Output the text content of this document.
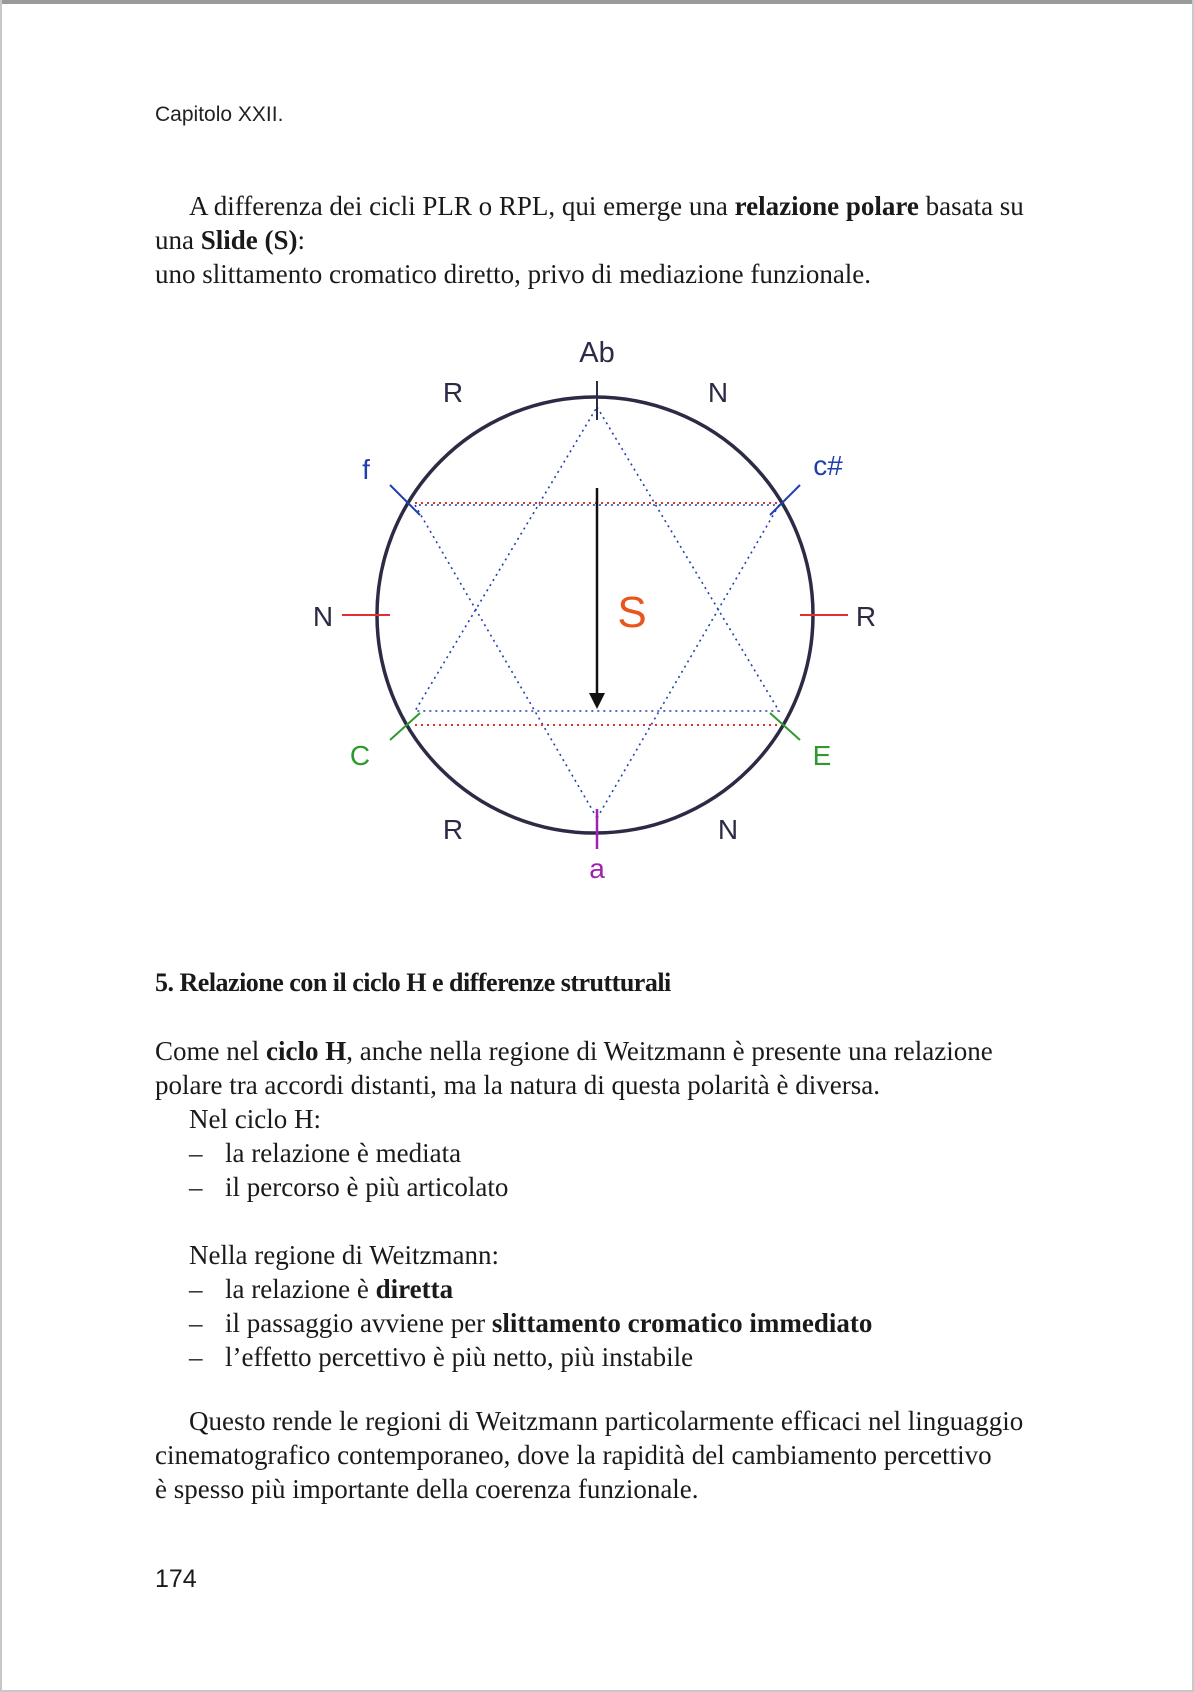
Capitolo XXII.
A differenza dei cicli PLR o RPL, qui emerge una relazione polare basata su
una Slide (S):
uno slittamento cromatico diretto, privo di mediazione funzionale.
Ab
a
f	c#
C	E
N	R
R	N
R	N
S
5. Relazione con il ciclo H e differenze strutturali
Come nel ciclo H, anche nella regione di Weitzmann è presente una relazione
polare tra accordi distanti, ma la natura di questa polarità è diversa.
Nel ciclo H:
– la relazione è mediata
– il percorso è più articolato
Nella regione di Weitzmann:
– la relazione è diretta
– il passaggio avviene per slittamento cromatico immediato
– l’effetto percettivo è più netto, più instabile
Questo rende le regioni di Weitzmann particolarmente efficaci nel linguaggio
cinematografico contemporaneo, dove la rapidità del cambiamento percettivo
è spesso più importante della coerenza funzionale.
174
